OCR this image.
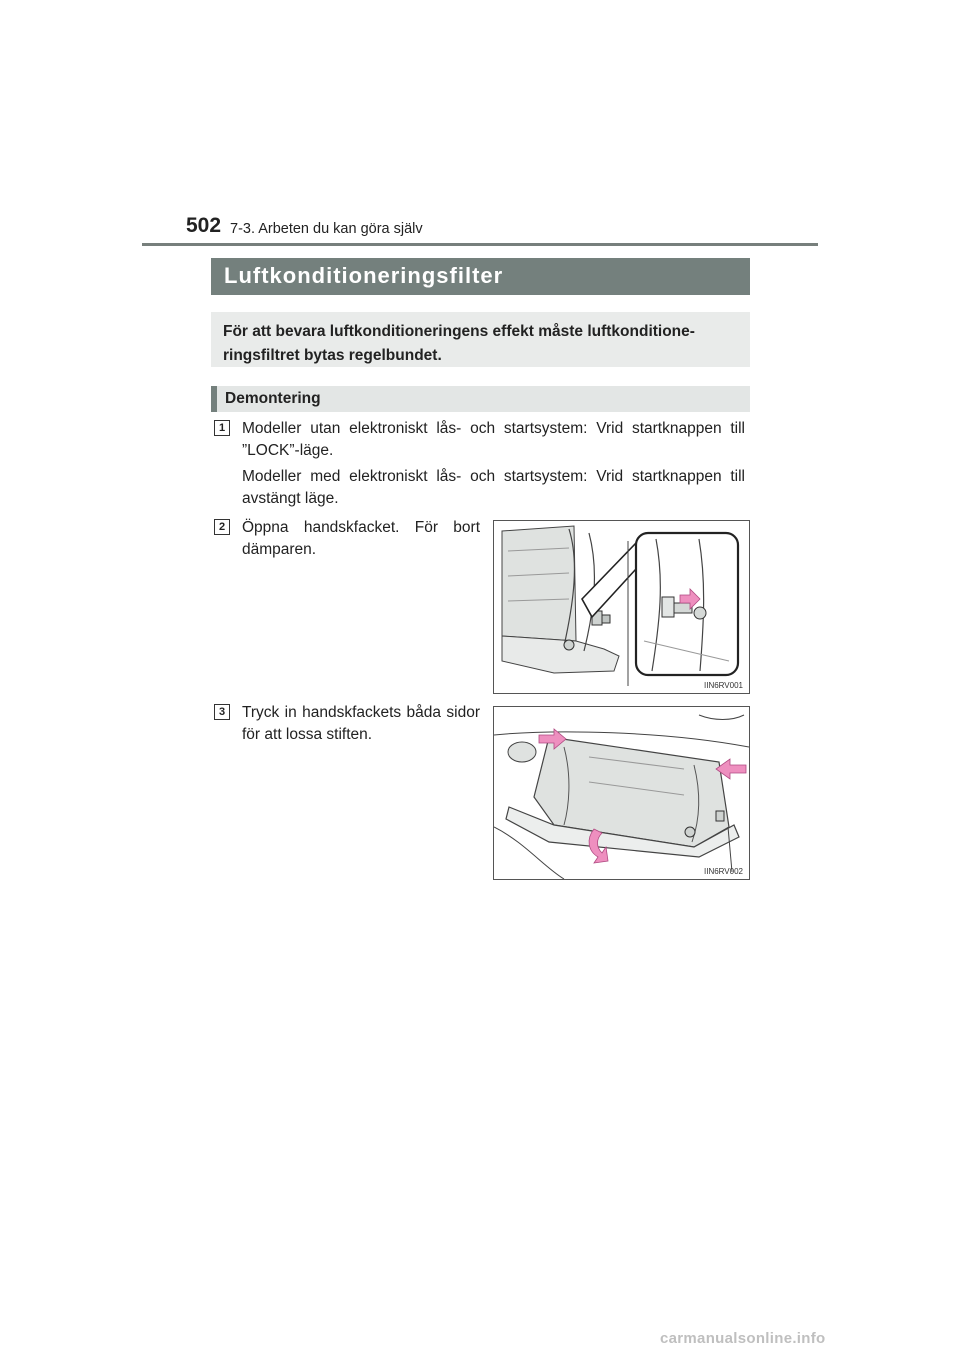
502 7-3. Arbeten du kan göra själv
Luftkonditioneringsfilter
För att bevara luftkonditioneringens effekt måste luftkonditione-ringsfiltret bytas regelbundet.
Demontering
1	Modeller utan elektroniskt lås- och startsystem: Vrid startknappen till ”LOCK”-läge.
Modeller med elektroniskt lås- och startsystem: Vrid startknappen till avstängt läge.
2	Öppna handskfacket. För bort dämparen.
IIN6RV001
3	Tryck in handskfackets båda sidor för att lossa stiften.
IIN6RV002
carmanualsonline.info
